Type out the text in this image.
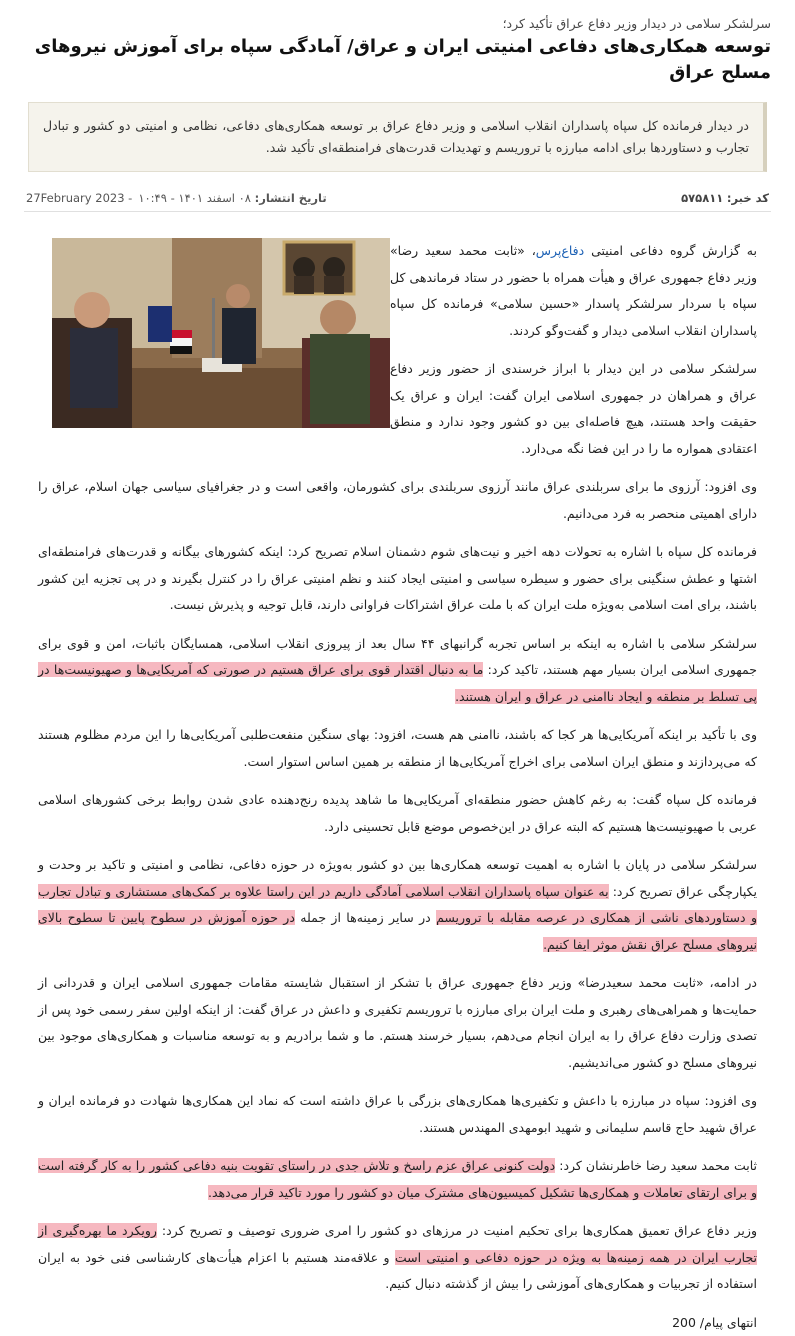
سرلشکر سلامی در دیدار وزیر دفاع عراق تأکید کرد؛
توسعه همکاری‌های دفاعی امنیتی ایران و عراق/ آمادگی سپاه برای آموزش نیروهای مسلح عراق
در دیدار فرمانده کل سپاه پاسداران انقلاب اسلامی و وزیر دفاع عراق بر توسعه همکاری‌های دفاعی، نظامی و امنیتی دو کشور و تبادل تجارب و دستاوردها برای ادامه مبارزه با تروریسم و تهدیدات قدرت‌های فرامنطقه‌ای تأکید شد.
کد خبر: ۵۷۵۸۱۱
27February 2023 -	تاریخ انتشار: ۰۸ اسفند ۱۴۰۱ - ۱۰:۴۹

به گزارش گروه دفاعی امنیتی دفاع‌پرس، «ثابت محمد سعید رضا» وزیر دفاع جمهوری عراق و هیأت همراه با حضور در ستاد فرماندهی کل سپاه با سردار سرلشکر پاسدار «حسین سلامی» فرمانده کل سپاه پاسداران انقلاب اسلامی دیدار و گفت‌وگو کردند.

سرلشکر سلامی در این دیدار با ابراز خرسندی از حضور وزیر دفاع عراق و همراهان در جمهوری اسلامی ایران گفت: ایران و عراق یک حقیقت واحد هستند، هیچ فاصله‌ای بین دو کشور وجود ندارد و منطق اعتقادی همواره ما را در این فضا نگه می‌دارد.

وی افزود: آرزوی ما برای سربلندی عراق مانند آرزوی سربلندی برای کشورمان، واقعی است و در جغرافیای سیاسی جهان اسلام، عراق را دارای اهمیتی منحصر به فرد می‌دانیم.

فرمانده کل سپاه با اشاره به تحولات دهه اخیر و نیت‌های شوم دشمنان اسلام تصریح کرد: اینکه کشورهای بیگانه و قدرت‌های فرامنطقه‌ای اشتها و عطش سنگینی برای حضور و سیطره سیاسی و امنیتی ایجاد کنند و نظم امنیتی عراق را در کنترل بگیرند و در پی تجزیه این کشور باشند، برای امت اسلامی به‌ویژه ملت ایران که با ملت عراق اشتراکات فراوانی دارند، قابل توجیه و پذیرش نیست.

سرلشکر سلامی با اشاره به اینکه بر اساس تجربه گرانبهای ۴۴ سال بعد از پیروزی انقلاب اسلامی، همسایگان باثبات، امن و قوی برای جمهوری اسلامی ایران بسیار مهم هستند، تاکید کرد: ما به دنبال اقتدار قوی برای عراق هستیم در صورتی که آمریکایی‌ها و صهیونیست‌ها در پی تسلط بر منطقه و ایجاد ناامنی در عراق و ایران هستند.

وی با تأکید بر اینکه آمریکایی‌ها هر کجا که باشند، ناامنی هم هست، افزود: بهای سنگین منفعت‌طلبی آمریکایی‌ها را این مردم مظلوم هستند که می‌پردازند و منطق ایران اسلامی برای اخراج آمریکایی‌ها از منطقه بر همین اساس استوار است.

فرمانده کل سپاه گفت: به رغم کاهش حضور منطقه‌ای آمریکایی‌ها ما شاهد پدیده رنج‌دهنده عادی شدن روابط برخی کشورهای اسلامی عربی با صهیونیست‌ها هستیم که البته عراق در این‌خصوص موضع قابل تحسینی دارد.

سرلشکر سلامی در پایان با اشاره به اهمیت توسعه همکاری‌ها بین دو کشور به‌ویژه در حوزه دفاعی، نظامی و امنیتی و تاکید بر وحدت و یکپارچگی عراق تصریح کرد: به عنوان سپاه پاسداران انقلاب اسلامی آمادگی داریم در این راستا علاوه بر کمک‌های مستشاری و تبادل تجارب و دستاوردهای ناشی از همکاری در عرصه مقابله با تروریسم در سایر زمینه‌ها از جمله در حوزه آموزش در سطوح پایین تا سطوح بالای نیروهای مسلح عراق نقش موثر ایفا کنیم.

در ادامه، «ثابت محمد سعیدرضا» وزیر دفاع جمهوری عراق با تشکر از استقبال شایسته مقامات جمهوری اسلامی ایران و قدردانی از حمایت‌ها و همراهی‌های رهبری و ملت ایران برای مبارزه با تروریسم تکفیری و داعش در عراق گفت: از اینکه اولین سفر رسمی خود پس از تصدی وزارت دفاع عراق را به ایران انجام می‌دهم، بسیار خرسند هستم. ما و شما برادریم و به توسعه مناسبات و همکاری‌های موجود بین نیروهای مسلح دو کشور می‌اندیشیم.

وی افزود: سپاه در مبارزه با داعش و تکفیری‌ها همکاری‌های بزرگی با عراق داشته است که نماد این همکاری‌ها شهادت دو فرمانده ایران و عراق شهید حاج قاسم سلیمانی و شهید ابومهدی المهندس هستند.

ثابت محمد سعید رضا خاطرنشان کرد: دولت کنونی عراق عزم راسخ و تلاش جدی در راستای تقویت بنیه دفاعی کشور را به کار گرفته است و برای ارتقای تعاملات و همکاری‌ها تشکیل کمیسیون‌های مشترک میان دو کشور را مورد تاکید قرار می‌دهد.

وزیر دفاع عراق تعمیق همکاری‌ها برای تحکیم امنیت در مرزهای دو کشور را امری ضروری توصیف و تصریح کرد: رویکرد ما بهره‌گیری از تجارب ایران در همه زمینه‌ها به ویژه در حوزه دفاعی و امنیتی است و علاقه‌مند هستیم با اعزام هیأت‌های کارشناسی فنی خود به ایران استفاده از تجربیات و همکاری‌های آموزشی را بیش از گذشته دنبال کنیم.

انتهای پیام/ 200
